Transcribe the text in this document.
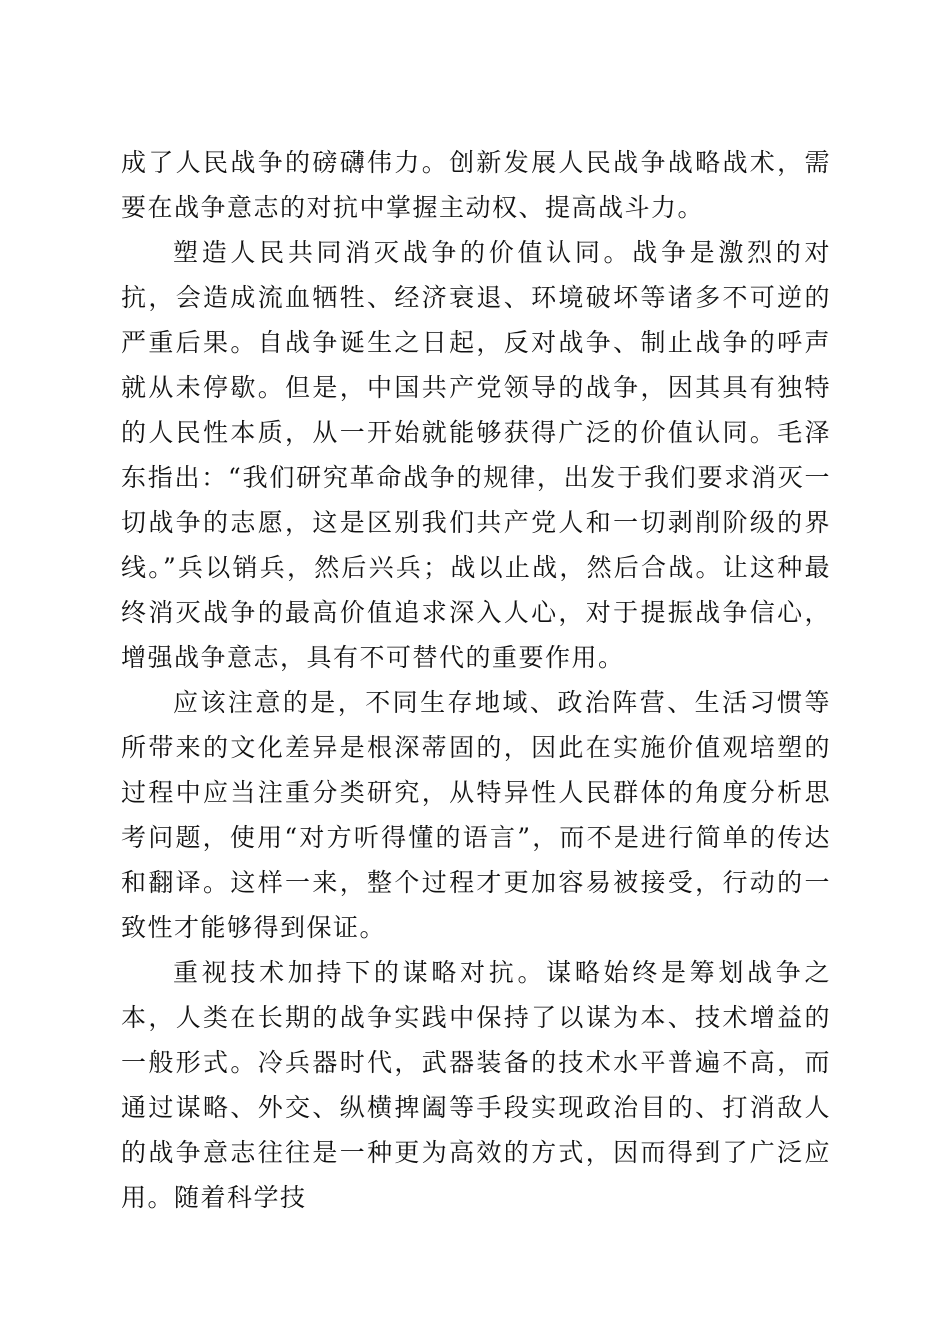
成了人民战争的磅礴伟力。创新发展人民战争战略战术，需要在战争意志的对抗中掌握主动权、提高战斗力。

塑造人民共同消灭战争的价值认同。战争是激烈的对抗，会造成流血牺牲、经济衰退、环境破坏等诸多不可逆的严重后果。自战争诞生之日起，反对战争、制止战争的呼声就从未停歇。但是，中国共产党领导的战争，因其具有独特的人民性本质，从一开始就能够获得广泛的价值认同。毛泽东指出：“我们研究革命战争的规律，出发于我们要求消灭一切战争的志愿，这是区别我们共产党人和一切剥削阶级的界线。”兵以销兵，然后兴兵；战以止战，然后合战。让这种最终消灭战争的最高价值追求深入人心，对于提振战争信心，增强战争意志，具有不可替代的重要作用。

应该注意的是，不同生存地域、政治阵营、生活习惯等所带来的文化差异是根深蒂固的，因此在实施价值观培塑的过程中应当注重分类研究，从特异性人民群体的角度分析思考问题，使用“对方听得懂的语言”，而不是进行简单的传达和翻译。这样一来，整个过程才更加容易被接受，行动的一致性才能够得到保证。

重视技术加持下的谋略对抗。谋略始终是筹划战争之本，人类在长期的战争实践中保持了以谋为本、技术增益的一般形式。冷兵器时代，武器装备的技术水平普遍不高，而通过谋略、外交、纵横捭阖等手段实现政治目的、打消敌人的战争意志往往是一种更为高效的方式，因而得到了广泛应用。随着科学技
